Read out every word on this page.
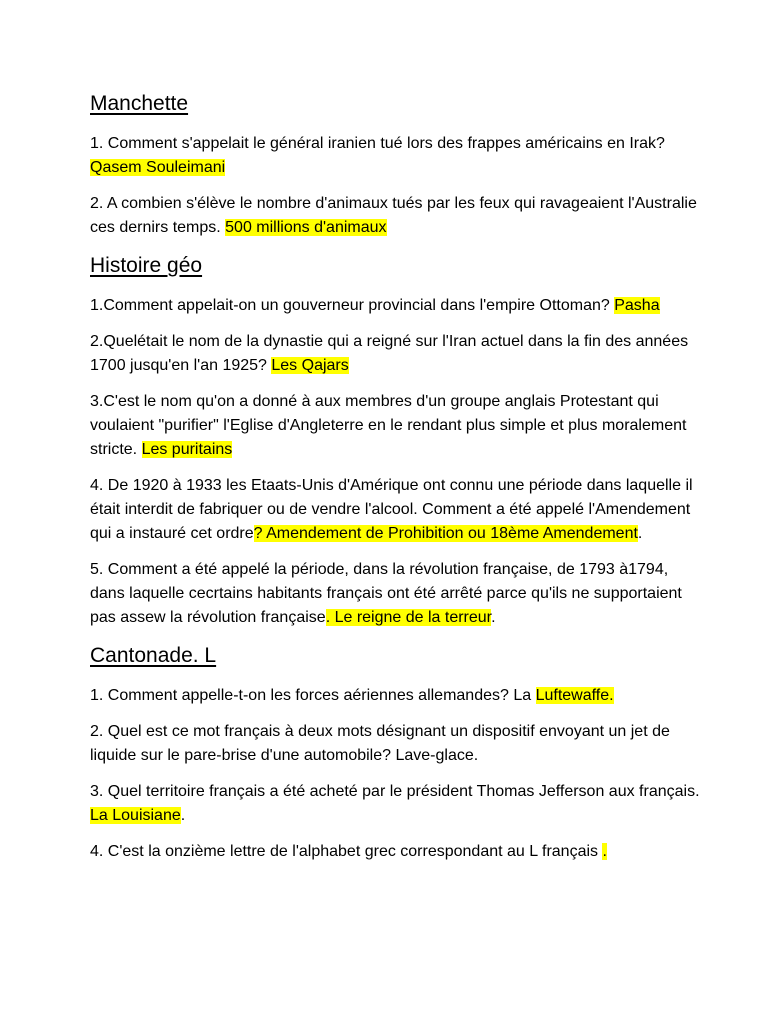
Manchette

1. Comment s'appelait le général iranien tué lors des frappes américains en Irak? Qasem Souleimani

2. A combien s'élève le nombre d'animaux tués par les feux qui ravageaient l'Australie ces dernirs temps. 500 millions d'animaux

Histoire géo

1.Comment appelait-on un gouverneur provincial dans l'empire Ottoman? Pasha

2.Quelétait le nom de la dynastie qui a reigné sur l'Iran actuel dans la fin des années 1700 jusqu'en l'an 1925? Les Qajars

3.C'est le nom qu'on a donné à aux membres d'un groupe anglais Protestant qui voulaient "purifier" l'Eglise d'Angleterre en le rendant plus simple et plus moralement stricte. Les puritains

4. De 1920 à 1933 les Etaats-Unis d'Amérique ont connu une période dans laquelle il était interdit de fabriquer ou de vendre l'alcool. Comment a été appelé l'Amendement qui a instauré cet ordre? Amendement de Prohibition ou 18ème Amendement.

5. Comment a été appelé la période, dans la révolution française, de 1793 à1794, dans laquelle cecrtains habitants français ont été arrêté parce qu'ils ne supportaient pas assew la révolution française. Le reigne de la terreur.

Cantonade. L

1. Comment appelle-t-on les forces aériennes allemandes? La Luftewaffe.

2. Quel est ce mot français à deux mots désignant un dispositif envoyant un jet de liquide sur le pare-brise d'une automobile? Lave-glace.

3. Quel territoire français a été acheté par le président Thomas Jefferson aux français. La Louisiane.

4. C'est la onzième lettre de l'alphabet grec correspondant au L français .
